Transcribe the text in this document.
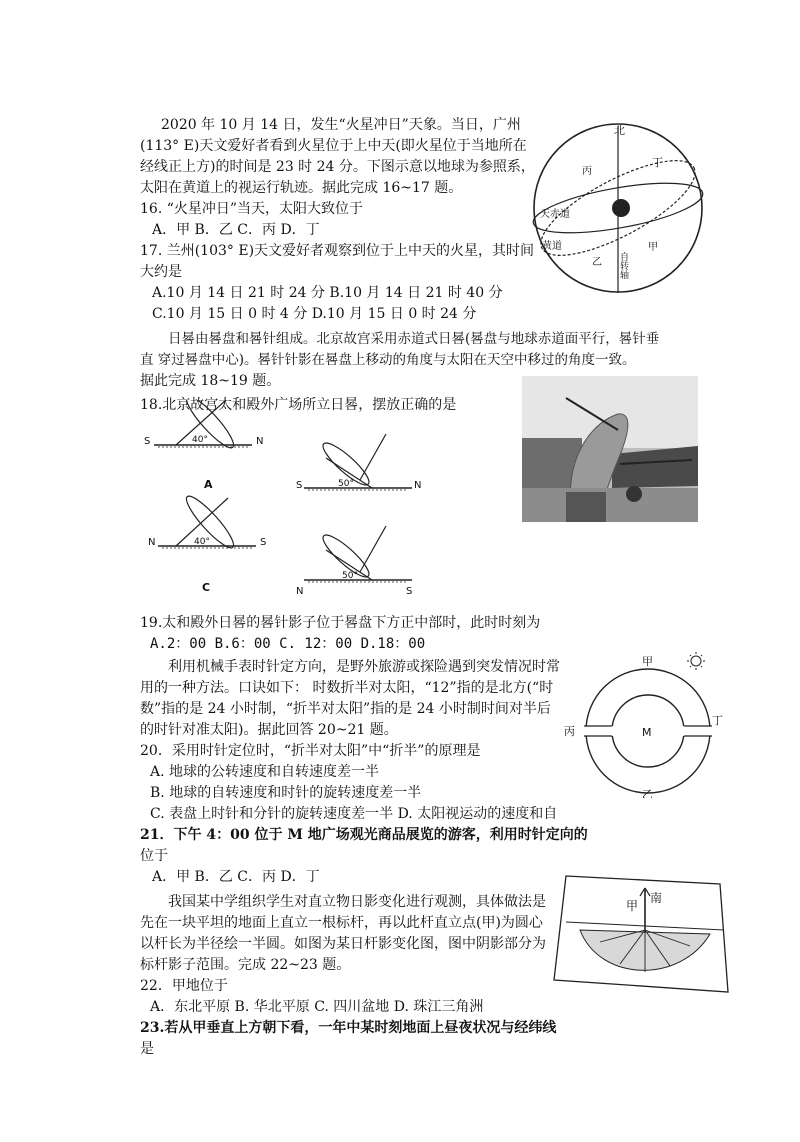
2020 年 10 月 14 日，发生“火星冲日”天象。当日，广州
(113° E)天文爱好者看到火星位于上中天(即火星位于当地所在
经线正上方)的时间是 23 时 24 分。下图示意以地球为参照系，
太阳在黄道上的视运行轨迹。据此完成 16~17 题。
16. “火星冲日”当天，太阳大致位于
A．甲 B．乙 C．丙 D．丁
17. 兰州(103° E)天文爱好者观察到位于上中天的火星，其时间
大约是
A.10 月 14 日 21 时 24 分 B.10 月 14 日 21 时 40 分
C.10 月 15 日 0 时 4 分 D.10 月 15 日 0 时 24 分
日晷由晷盘和晷针组成。北京故宫采用赤道式日晷(晷盘与地球赤道面平行，晷针垂
直 穿过晷盘中心)。晷针针影在晷盘上移动的角度与太阳在天空中移过的角度一致。
据此完成 18~19 题。
18.北京故宫太和殿外广场所立日晷，摆放正确的是
19.太和殿外日晷的晷针影子位于晷盘下方正中部时，此时时刻为
A.2：00 B.6：00 C. 12：00 D.18：00
利用机械手表时针定方向，是野外旅游或探险遇到突发情况时常
用的一种方法。口诀如下： 时数折半对太阳，“12”指的是北方(“时
数”指的是 24 小时制，“折半对太阳”指的是 24 小时制时间对半后
的时针对准太阳)。据此回答 20~21 题。
20．采用时针定位时，“折半对太阳”中“折半”的原理是
A. 地球的公转速度和自转速度差一半
B. 地球的自转速度和时针的旋转速度差一半
C. 表盘上时针和分针的旋转速度差一半 D. 太阳视运动的速度和自
21．下午 4：00 位于 M 地广场观光商品展览的游客，利用时针定向的
位于
A．甲 B．乙 C．丙 D．丁
我国某中学组织学生对直立物日影变化进行观测，具体做法是
先在一块平坦的地面上直立一根标杆，再以此杆直立点(甲)为圆心
以杆长为半径绘一半圆。如图为某日杆影变化图，图中阴影部分为
标杆影子范围。完成 22~23 题。
22．甲地位于
A．东北平原 B. 华北平原 C. 四川盆地 D. 珠江三角洲
23.若从甲垂直上方朝下看，一年中某时刻地面上昼夜状况与经纬线
是
北
丁
丙
天赤道
黄道
乙 自转轴
甲
S	N
40°
A	S	N
50°
N	S
40°
C	N	S
50°
甲
丙
丁
M
乙
甲
南
